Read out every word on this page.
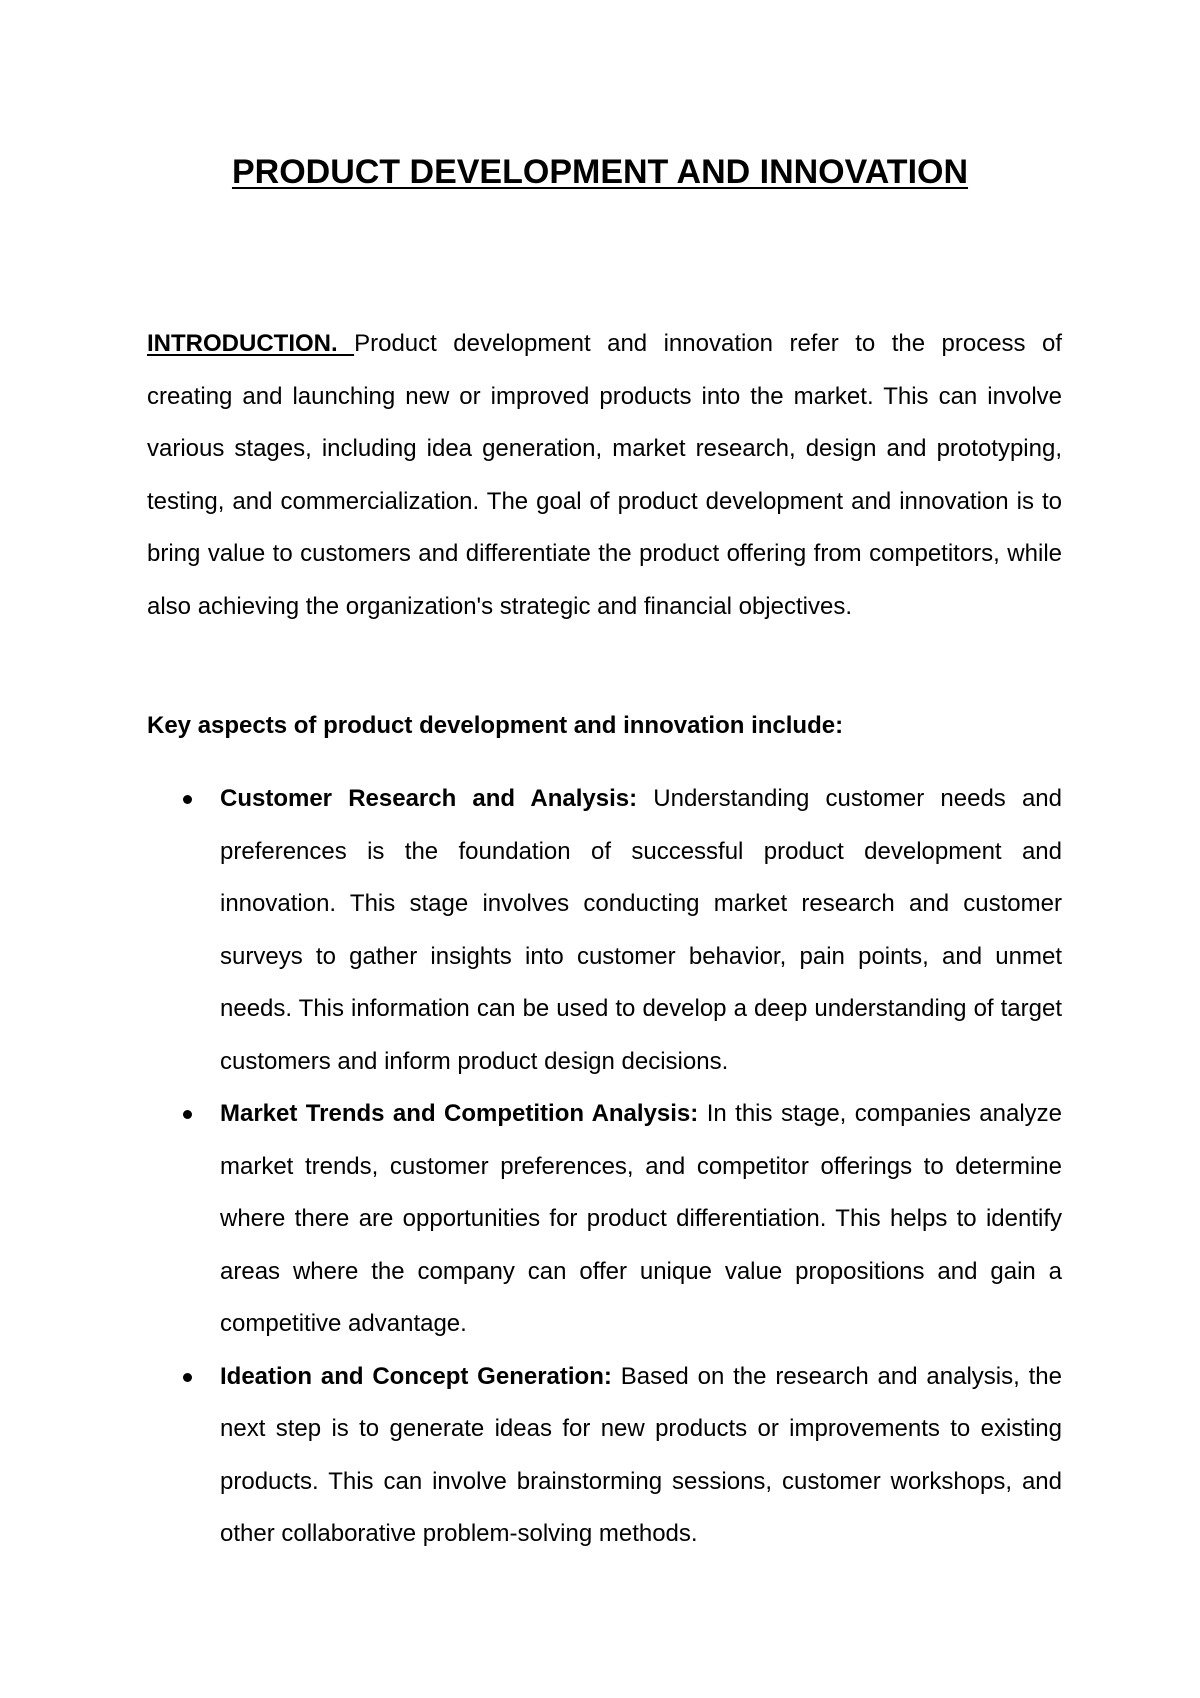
PRODUCT DEVELOPMENT AND INNOVATION
INTRODUCTION. Product development and innovation refer to the process of creating and launching new or improved products into the market. This can involve various stages, including idea generation, market research, design and prototyping, testing, and commercialization. The goal of product development and innovation is to bring value to customers and differentiate the product offering from competitors, while also achieving the organization's strategic and financial objectives.
Key aspects of product development and innovation include:
Customer Research and Analysis: Understanding customer needs and preferences is the foundation of successful product development and innovation. This stage involves conducting market research and customer surveys to gather insights into customer behavior, pain points, and unmet needs. This information can be used to develop a deep understanding of target customers and inform product design decisions.
Market Trends and Competition Analysis: In this stage, companies analyze market trends, customer preferences, and competitor offerings to determine where there are opportunities for product differentiation. This helps to identify areas where the company can offer unique value propositions and gain a competitive advantage.
Ideation and Concept Generation: Based on the research and analysis, the next step is to generate ideas for new products or improvements to existing products. This can involve brainstorming sessions, customer workshops, and other collaborative problem-solving methods.
